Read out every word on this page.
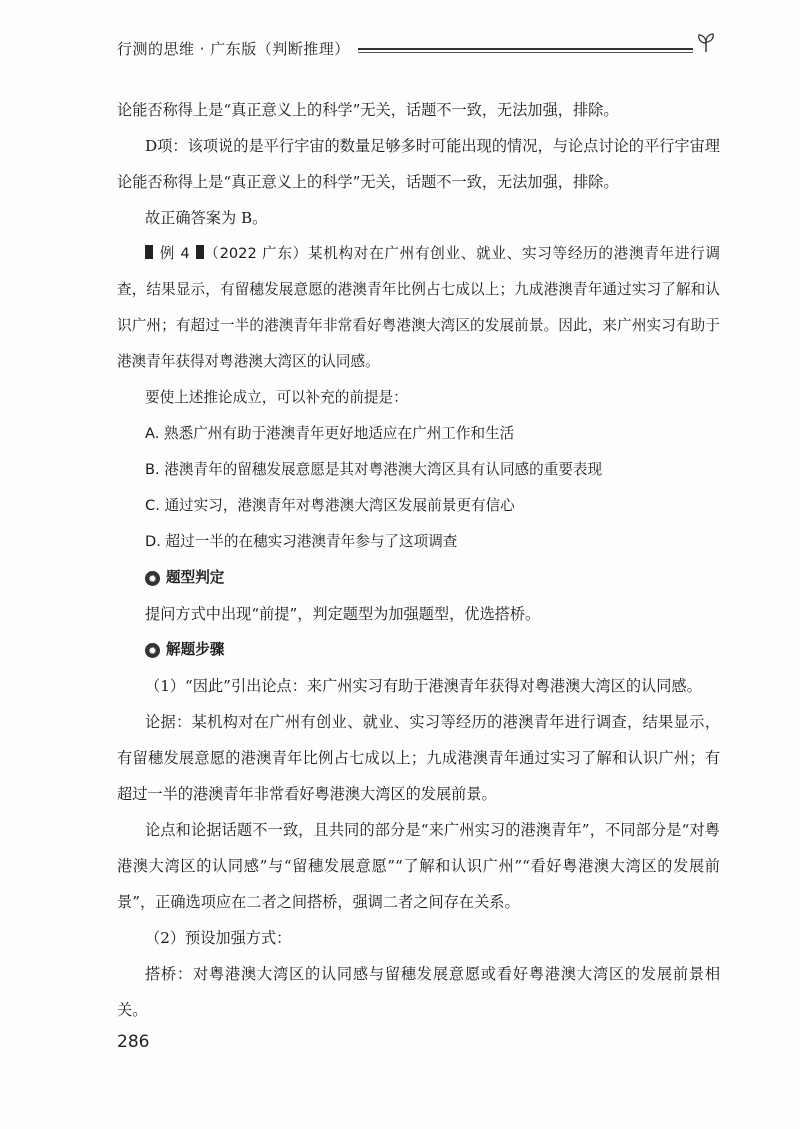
行测的思维 · 广东版（判断推理）

论能否称得上是“真正意义上的科学”无关，话题不一致，无法加强，排除。

D项：该项说的是平行宇宙的数量足够多时可能出现的情况，与论点讨论的平行宇宙理论能否称得上是“真正意义上的科学”无关，话题不一致，无法加强，排除。

故正确答案为 B。

例 4 （2022 广东）某机构对在广州有创业、就业、实习等经历的港澳青年进行调查，结果显示，有留穗发展意愿的港澳青年比例占七成以上；九成港澳青年通过实习了解和认识广州；有超过一半的港澳青年非常看好粤港澳大湾区的发展前景。因此，来广州实习有助于港澳青年获得对粤港澳大湾区的认同感。

要使上述推论成立，可以补充的前提是：

A. 熟悉广州有助于港澳青年更好地适应在广州工作和生活

B. 港澳青年的留穗发展意愿是其对粤港澳大湾区具有认同感的重要表现

C. 通过实习，港澳青年对粤港澳大湾区发展前景更有信心

D. 超过一半的在穗实习港澳青年参与了这项调查

题型判定

提问方式中出现“前提”，判定题型为加强题型，优选搭桥。

解题步骤

（1）“因此”引出论点：来广州实习有助于港澳青年获得对粤港澳大湾区的认同感。

论据：某机构对在广州有创业、就业、实习等经历的港澳青年进行调查，结果显示，有留穗发展意愿的港澳青年比例占七成以上；九成港澳青年通过实习了解和认识广州；有超过一半的港澳青年非常看好粤港澳大湾区的发展前景。

论点和论据话题不一致，且共同的部分是“来广州实习的港澳青年”，不同部分是“对粤港澳大湾区的认同感”与“留穗发展意愿”“了解和认识广州”“看好粤港澳大湾区的发展前景”，正确选项应在二者之间搭桥，强调二者之间存在关系。

（2）预设加强方式：

搭桥：对粤港澳大湾区的认同感与留穗发展意愿或看好粤港澳大湾区的发展前景相关。

286
